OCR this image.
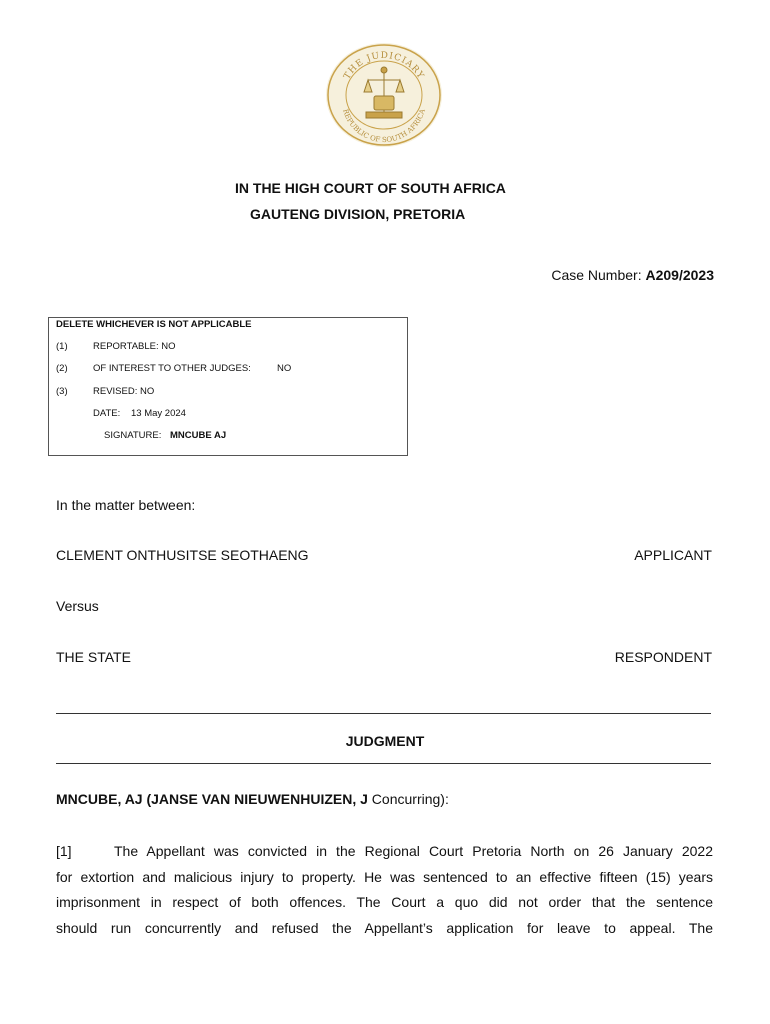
THE JUDICIARY
REPUBLIC OF SOUTH AFRICA
IN THE HIGH COURT OF SOUTH AFRICA
GAUTENG DIVISION, PRETORIA
Case Number: A209/2023
DELETE WHICHEVER IS NOT APPLICABLE
(1)	REPORTABLE: NO
(2)	OF INTEREST TO OTHER JUDGES:	NO
(3)	REVISED: NO
DATE: 13 May 2024
SIGNATURE: MNCUBE AJ
In the matter between:
CLEMENT ONTHUSITSE SEOTHAENG	APPLICANT
Versus
THE STATE	RESPONDENT
JUDGMENT
MNCUBE, AJ (JANSE VAN NIEUWENHUIZEN, J Concurring):
[1]	The Appellant was convicted in the Regional Court Pretoria North on 26 January 2022
for extortion and malicious injury to property. He was sentenced to an effective fifteen (15) years
imprisonment in respect of both offences. The Court a quo did not order that the sentence
should run concurrently and refused the Appellant’s application for leave to appeal. The
